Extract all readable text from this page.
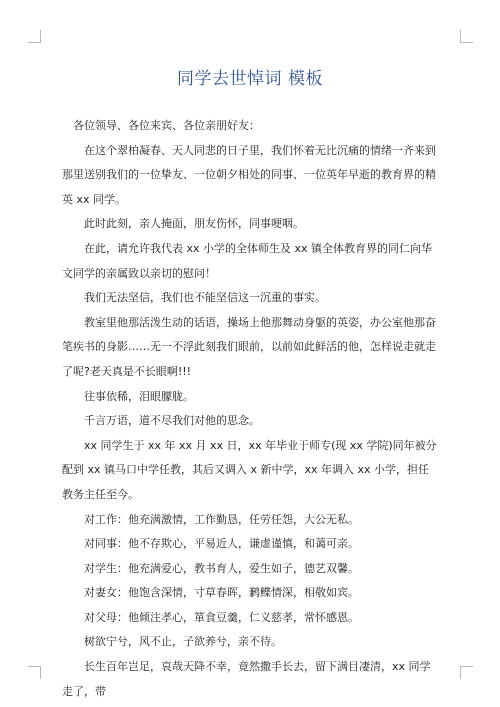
同学去世悼词 模板

各位领导、各位来宾、各位亲朋好友：

在这个翠柏凝春、天人同悲的日子里，我们怀着无比沉痛的情绪一齐来到那里送别我们的一位挚友、一位朝夕相处的同事、一位英年早逝的教育界的精英 xx 同学。

此时此刻，亲人掩面，朋友伤怀，同事哽咽。

在此，请允许我代表 xx 小学的全体师生及 xx 镇全体教育界的同仁向华文同学的亲属致以亲切的慰问！

我们无法坚信，我们也不能坚信这一沉重的事实。

教室里他那活泼生动的话语，操场上他那舞动身躯的英姿，办公室他那奋笔疾书的身影……无一不浮此刻我们眼前，以前如此鲜活的他，怎样说走就走了呢?老天真是不长眼啊!!!

往事依稀，泪眼朦胧。

千言万语，道不尽我们对他的思念。

xx 同学生于 xx 年 xx 月 xx 日，xx 年毕业于师专(现 xx 学院)同年被分配到 xx 镇马口中学任教，其后又调入 x 新中学，xx 年调入 xx 小学，担任教务主任至今。

对工作：他充满激情，工作勤恳，任劳任怨，大公无私。

对同事：他不存欺心，平易近人，谦虚谨慎，和蔼可亲。

对学生：他充满爱心，教书育人，爱生如子，德艺双馨。

对妻女：他饱含深情，寸草春晖，鹣鲽情深，相敬如宾。

对父母：他倾注孝心，箪食豆羹，仁义慈孝，常怀感恩。

树欲宁兮，风不止，子欲养兮，亲不待。

长生百年岂足，哀哉天降不幸，竟然撒手长去，留下满目凄清，xx 同学走了，带
